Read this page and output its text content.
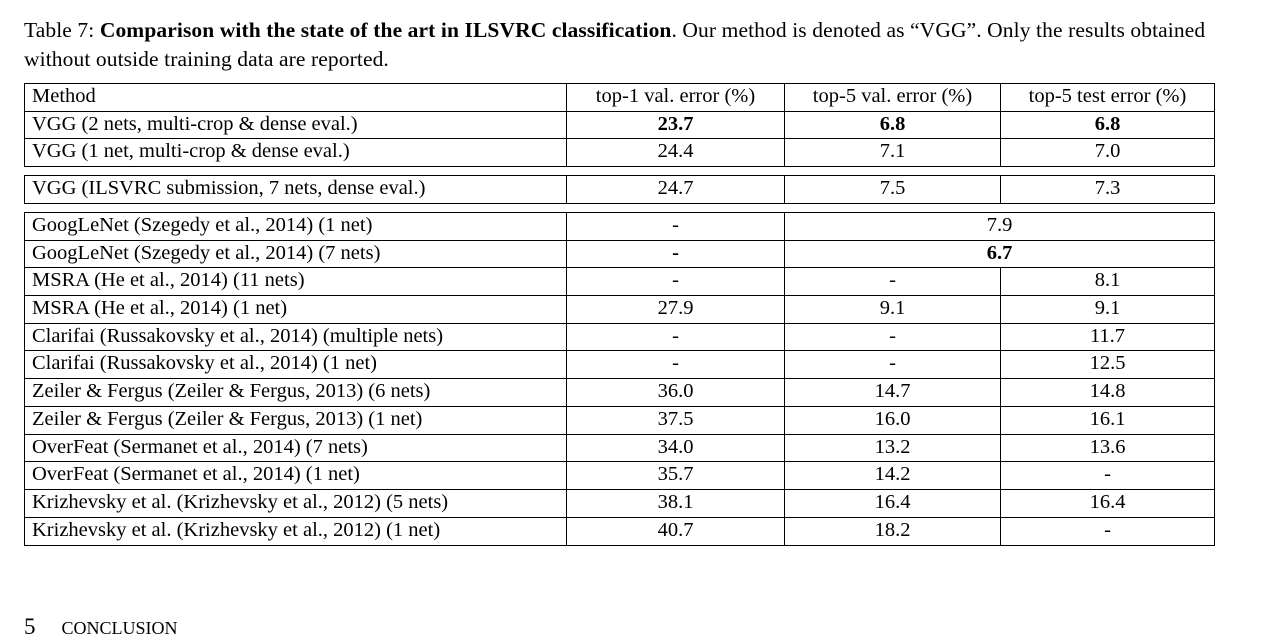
Table 7: Comparison with the state of the art in ILSVRC classification. Our method is denoted as “VGG”. Only the results obtained without outside training data are reported.

Method	top-1 val. error (%)	top-5 val. error (%)	top-5 test error (%)
VGG (2 nets, multi-crop & dense eval.)	23.7	6.8	6.8
VGG (1 net, multi-crop & dense eval.)	24.4	7.1	7.0

VGG (ILSVRC submission, 7 nets, dense eval.)	24.7	7.5	7.3

GoogLeNet (Szegedy et al., 2014) (1 net)	-	7.9	
GoogLeNet (Szegedy et al., 2014) (7 nets)	-	6.7	
MSRA (He et al., 2014) (11 nets)	-	-	8.1
MSRA (He et al., 2014) (1 net)	27.9	9.1	9.1
Clarifai (Russakovsky et al., 2014) (multiple nets)	-	-	11.7
Clarifai (Russakovsky et al., 2014) (1 net)	-	-	12.5
Zeiler & Fergus (Zeiler & Fergus, 2013) (6 nets)	36.0	14.7	14.8
Zeiler & Fergus (Zeiler & Fergus, 2013) (1 net)	37.5	16.0	16.1
OverFeat (Sermanet et al., 2014) (7 nets)	34.0	13.2	13.6
OverFeat (Sermanet et al., 2014) (1 net)	35.7	14.2	-
Krizhevsky et al. (Krizhevsky et al., 2012) (5 nets)	38.1	16.4	16.4
Krizhevsky et al. (Krizhevsky et al., 2012) (1 net)	40.7	18.2	-
5 conclusion
